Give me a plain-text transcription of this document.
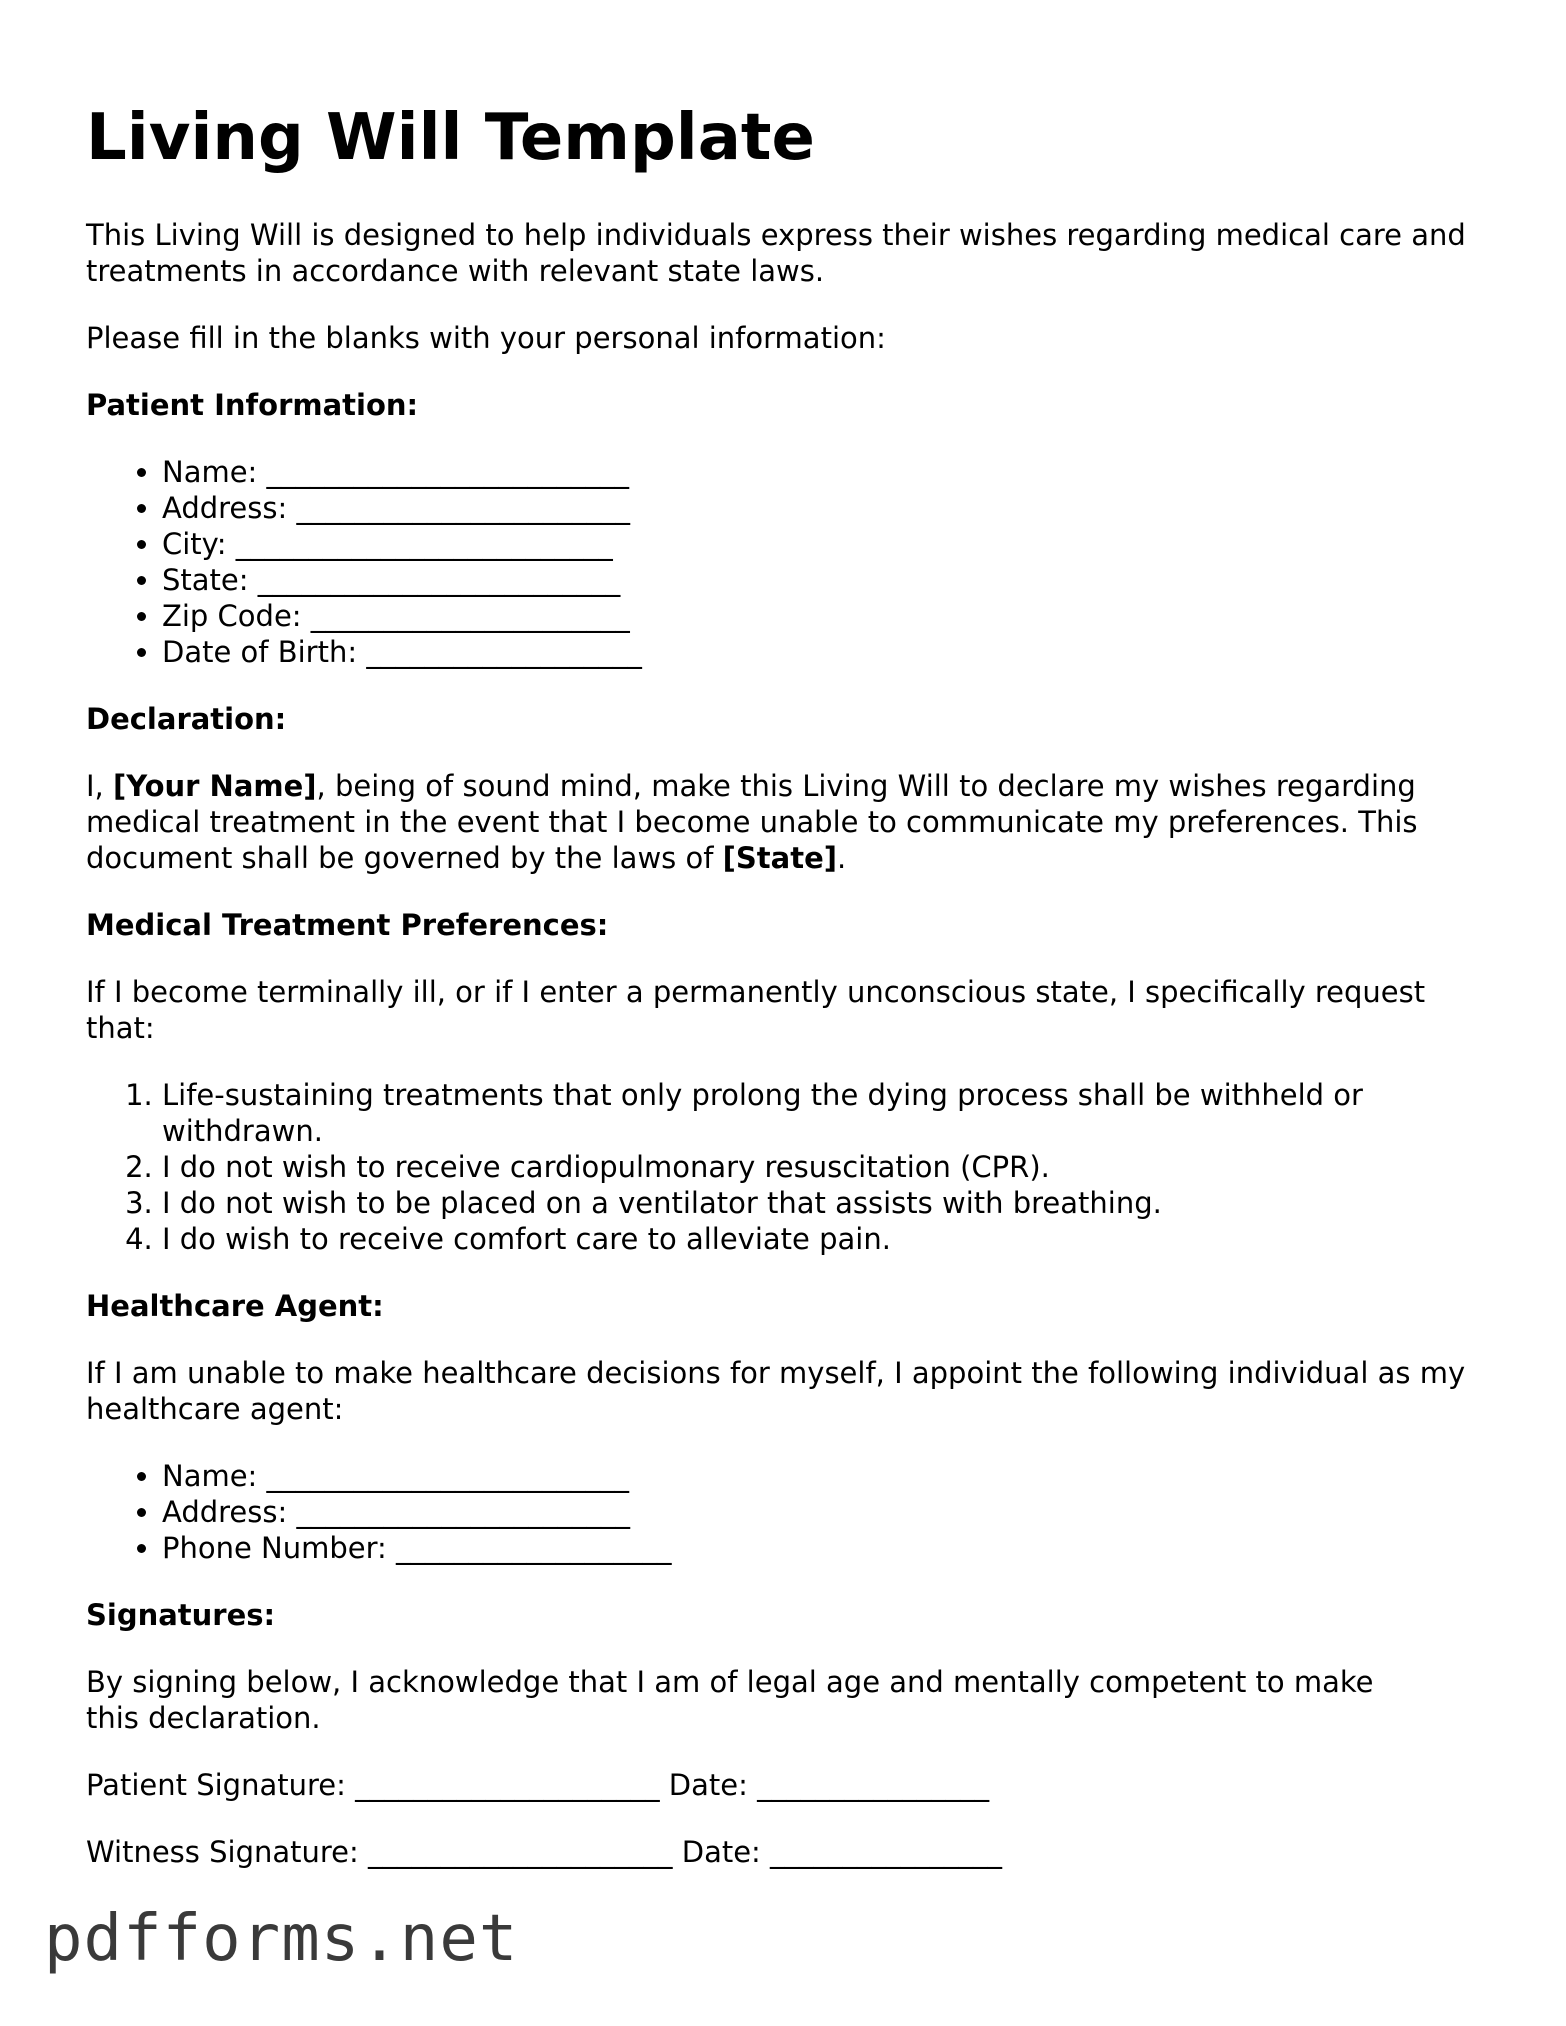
Living Will Template

This Living Will is designed to help individuals express their wishes regarding medical care and treatments in accordance with relevant state laws.

Please fill in the blanks with your personal information:

Patient Information:
• Name: _________________________
• Address: _______________________
• City: __________________________
• State: _________________________
• Zip Code: ______________________
• Date of Birth: ___________________
Declaration:

I, [Your Name], being of sound mind, make this Living Will to declare my wishes regarding medical treatment in the event that I become unable to communicate my preferences. This document shall be governed by the laws of [State].

Medical Treatment Preferences:

If I become terminally ill, or if I enter a permanently unconscious state, I specifically request that:

1. Life-sustaining treatments that only prolong the dying process shall be withheld or withdrawn.
2. I do not wish to receive cardiopulmonary resuscitation (CPR).
3. I do not wish to be placed on a ventilator that assists with breathing.
4. I do wish to receive comfort care to alleviate pain.
Healthcare Agent:

If I am unable to make healthcare decisions for myself, I appoint the following individual as my healthcare agent:

• Name: _________________________
• Address: _______________________
• Phone Number: ___________________
Signatures:

By signing below, I acknowledge that I am of legal age and mentally competent to make this declaration.

Patient Signature: _____________________ Date: ________________

Witness Signature: _____________________ Date: ________________

pdfforms.net
